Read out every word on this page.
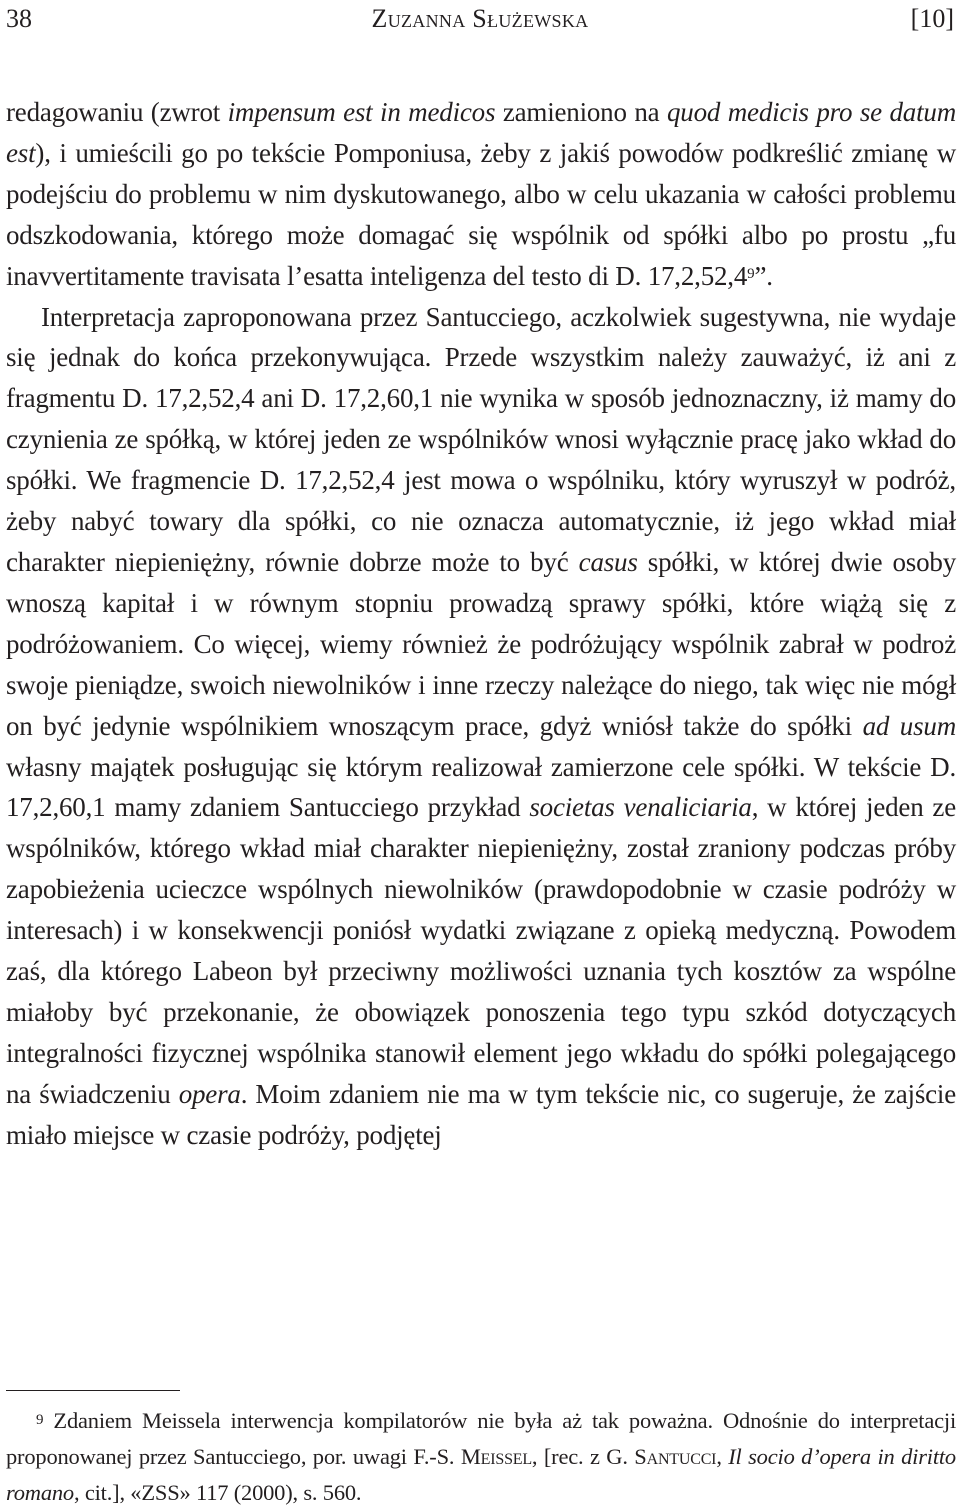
38	Zuzanna Służewska	[10]

redagowaniu (zwrot impensum est in medicos zamieniono na quod medicis pro se datum est), i umieścili go po tekście Pomponiusa, żeby z jakiś powodów podkreślić zmianę w podejściu do problemu w nim dyskutowanego, albo w celu ukazania w całości problemu odszkodowania, którego może domagać się wspólnik od spółki albo po prostu „fu inavvertitamente travisata l’esatta inteligenza del testo di D. 17,2,52,4$^9$”.

Interpretacja zaproponowana przez Santucciego, aczkolwiek sugestywna, nie wydaje się jednak do końca przekonywująca. Przede wszystkim należy zauważyć, iż ani z fragmentu D. 17,2,52,4 ani D. 17,2,60,1 nie wynika w sposób jednoznaczny, iż mamy do czynienia ze spółką, w której jeden ze wspólników wnosi wyłącznie pracę jako wkład do spółki. We fragmencie D. 17,2,52,4 jest mowa o wspólniku, który wyruszył w podróż, żeby nabyć towary dla spółki, co nie oznacza automatycznie, iż jego wkład miał charakter niepieniężny, równie dobrze może to być casus spółki, w której dwie osoby wnoszą kapitał i w równym stopniu prowadzą sprawy spółki, które wiążą się z podróżowaniem. Co więcej, wiemy również że podróżujący wspólnik zabrał w podroż swoje pieniądze, swoich niewolników i inne rzeczy należące do niego, tak więc nie mógł on być jedynie wspólnikiem wnoszącym prace, gdyż wniósł także do spółki ad usum własny majątek posługując się którym realizował zamierzone cele spółki. W tekście D. 17,2,60,1 mamy zdaniem Santucciego przykład societas venaliciaria, w której jeden ze wspólników, którego wkład miał charakter niepieniężny, został zraniony podczas próby zapobieżenia ucieczce wspólnych niewolników (prawdopodobnie w czasie podróży w interesach) i w konsekwencji poniósł wydatki związane z opieką medyczną. Powodem zaś, dla którego Labeon był przeciwny możliwości uznania tych kosztów za wspólne miałoby być przekonanie, że obowiązek ponoszenia tego typu szkód dotyczących integralności fizycznej wspólnika stanowił element jego wkładu do spółki polegającego na świadczeniu opera. Moim zdaniem nie ma w tym tekście nic, co sugeruje, że zajście miało miejsce w czasie podróży, podjętej

$^9$ Zdaniem Meissela interwencja kompilatorów nie była aż tak poważna. Odnośnie do interpretacji proponowanej przez Santucciego, por. uwagi F.-S. Meissel, [rec. z G. Santucci, Il socio d’opera in diritto romano, cit.], «ZSS» 117 (2000), s. 560.
